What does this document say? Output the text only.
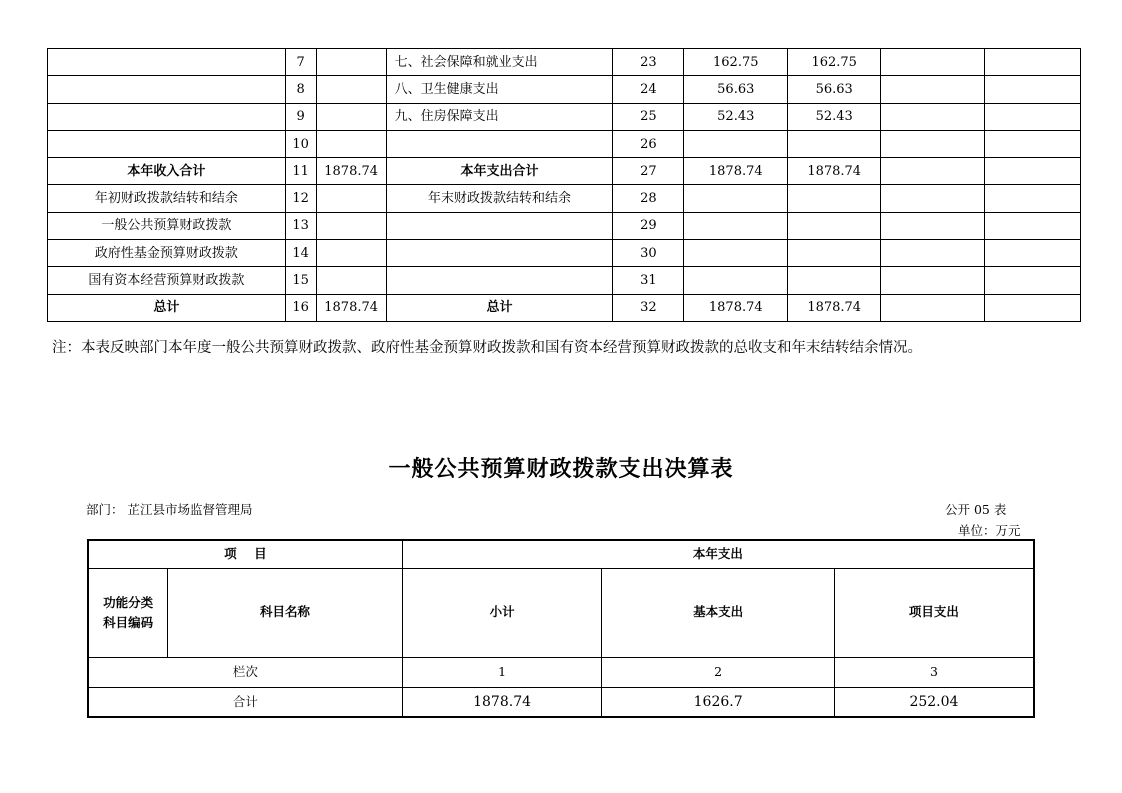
	7		七、社会保障和就业支出	23	162.75	162.75		
	8		八、卫生健康支出	24	56.63	56.63		
	9		九、住房保障支出	25	52.43	52.43		
	10			26				
本年收入合计	11	1878.74	本年支出合计	27	1878.74	1878.74		
年初财政拨款结转和结余	12		年末财政拨款结转和结余	28				
一般公共预算财政拨款	13			29				
政府性基金预算财政拨款	14			30				
国有资本经营预算财政拨款	15			31				
总计	16	1878.74	总计	32	1878.74	1878.74		
注：本表反映部门本年度一般公共预算财政拨款、政府性基金预算财政拨款和国有资本经营预算财政拨款的总收支和年末结转结余情况。
一般公共预算财政拨款支出决算表
部门： 芷江县市场监督管理局	公开 05 表
单位：万元
项    目		本年支出		
功能分类
科目编码	科目名称	小计	基本支出	项目支出
栏次		1	2	3
合计		1878.74	1626.7	252.04
